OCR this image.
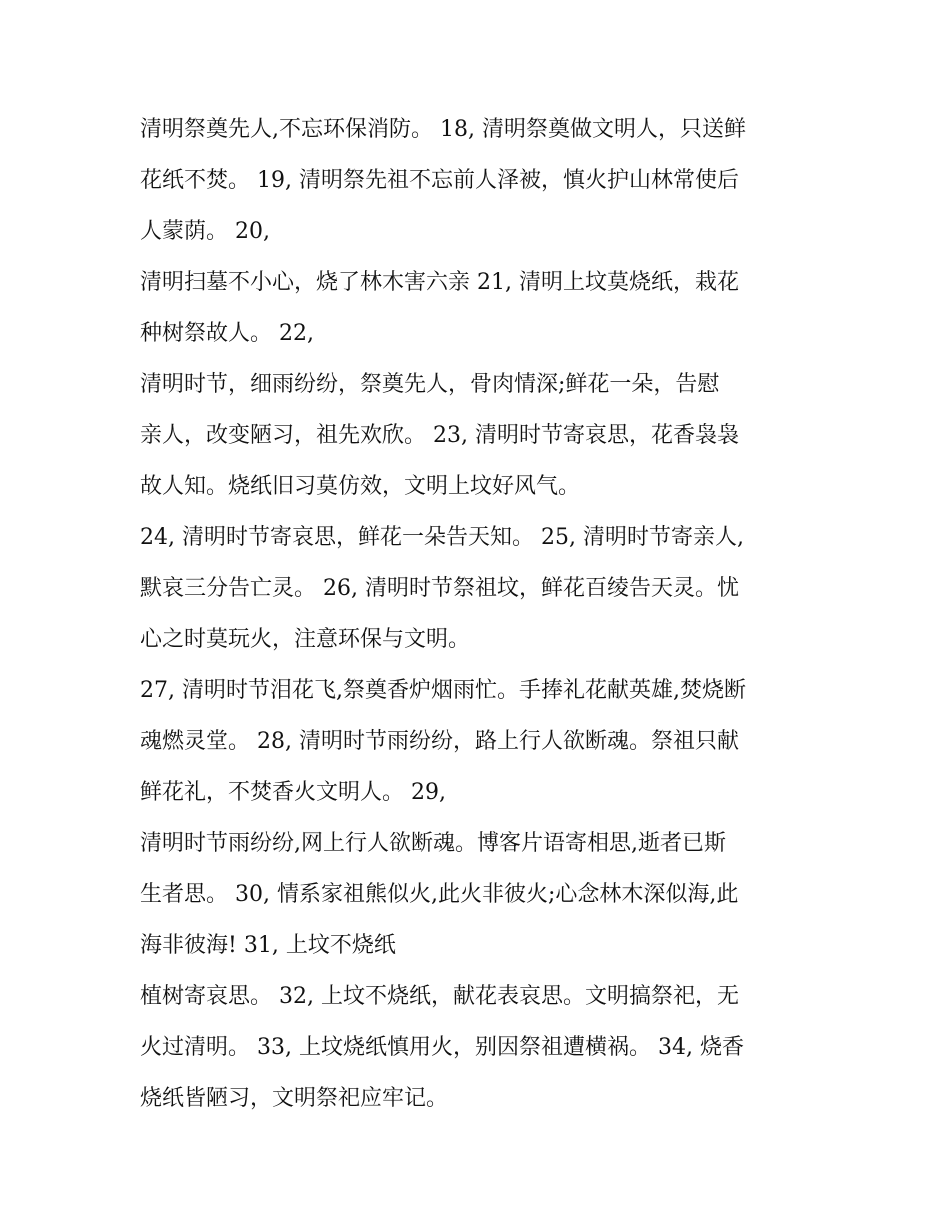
清明祭奠先人,不忘环保消防。 18, 清明祭奠做文明人，只送鲜
花纸不焚。 19, 清明祭先祖不忘前人泽被，慎火护山林常使后
人蒙荫。 20,
清明扫墓不小心，烧了林木害六亲 21, 清明上坟莫烧纸，栽花
种树祭故人。 22,
清明时节，细雨纷纷，祭奠先人，骨肉情深;鲜花一朵，告慰
亲人，改变陋习，祖先欢欣。 23, 清明时节寄哀思，花香袅袅
故人知。烧纸旧习莫仿效，文明上坟好风气。
24, 清明时节寄哀思，鲜花一朵告天知。 25, 清明时节寄亲人,
默哀三分告亡灵。 26, 清明时节祭祖坟，鲜花百绫告天灵。忧
心之时莫玩火，注意环保与文明。
27, 清明时节泪花飞,祭奠香炉烟雨忙。手捧礼花献英雄,焚烧断
魂燃灵堂。 28, 清明时节雨纷纷，路上行人欲断魂。祭祖只献
鲜花礼，不焚香火文明人。 29,
清明时节雨纷纷,网上行人欲断魂。博客片语寄相思,逝者已斯
生者思。 30, 情系家祖熊似火,此火非彼火;心念林木深似海,此
海非彼海! 31, 上坟不烧纸
植树寄哀思。 32, 上坟不烧纸，献花表哀思。文明搞祭祀，无
火过清明。 33, 上坟烧纸慎用火，别因祭祖遭横祸。 34, 烧香
烧纸皆陋习，文明祭祀应牢记。
